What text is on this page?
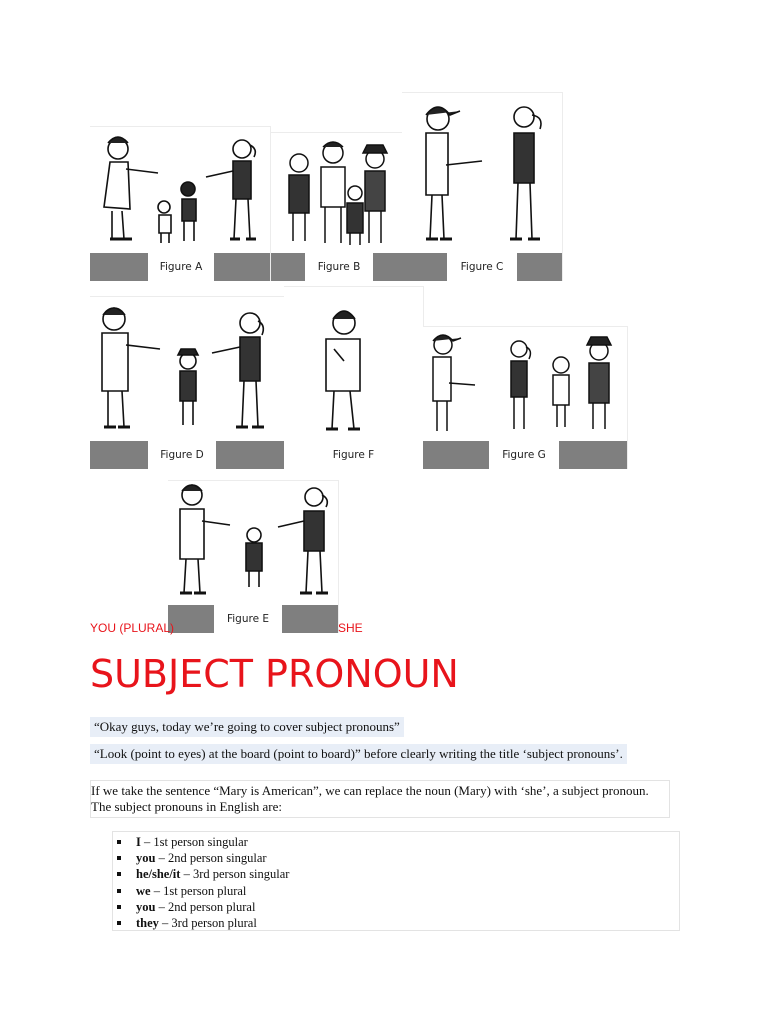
Figure A	Figure B	Figure C
Figure D	Figure F	Figure G
Figure E
YOU (PLURAL)	SHE
SUBJECT PRONOUN
“Okay guys, today we’re going to cover subject pronouns”
“Look (point to eyes) at the board (point to board)” before clearly writing the title ‘subject pronouns’.
If we take the sentence “Mary is American”, we can replace the noun (Mary) with ‘she’, a subject pronoun. The subject pronouns in English are:
I – 1st person singular
you – 2nd person singular
he/she/it – 3rd person singular
we – 1st person plural
you – 2nd person plural
they – 3rd person plural
